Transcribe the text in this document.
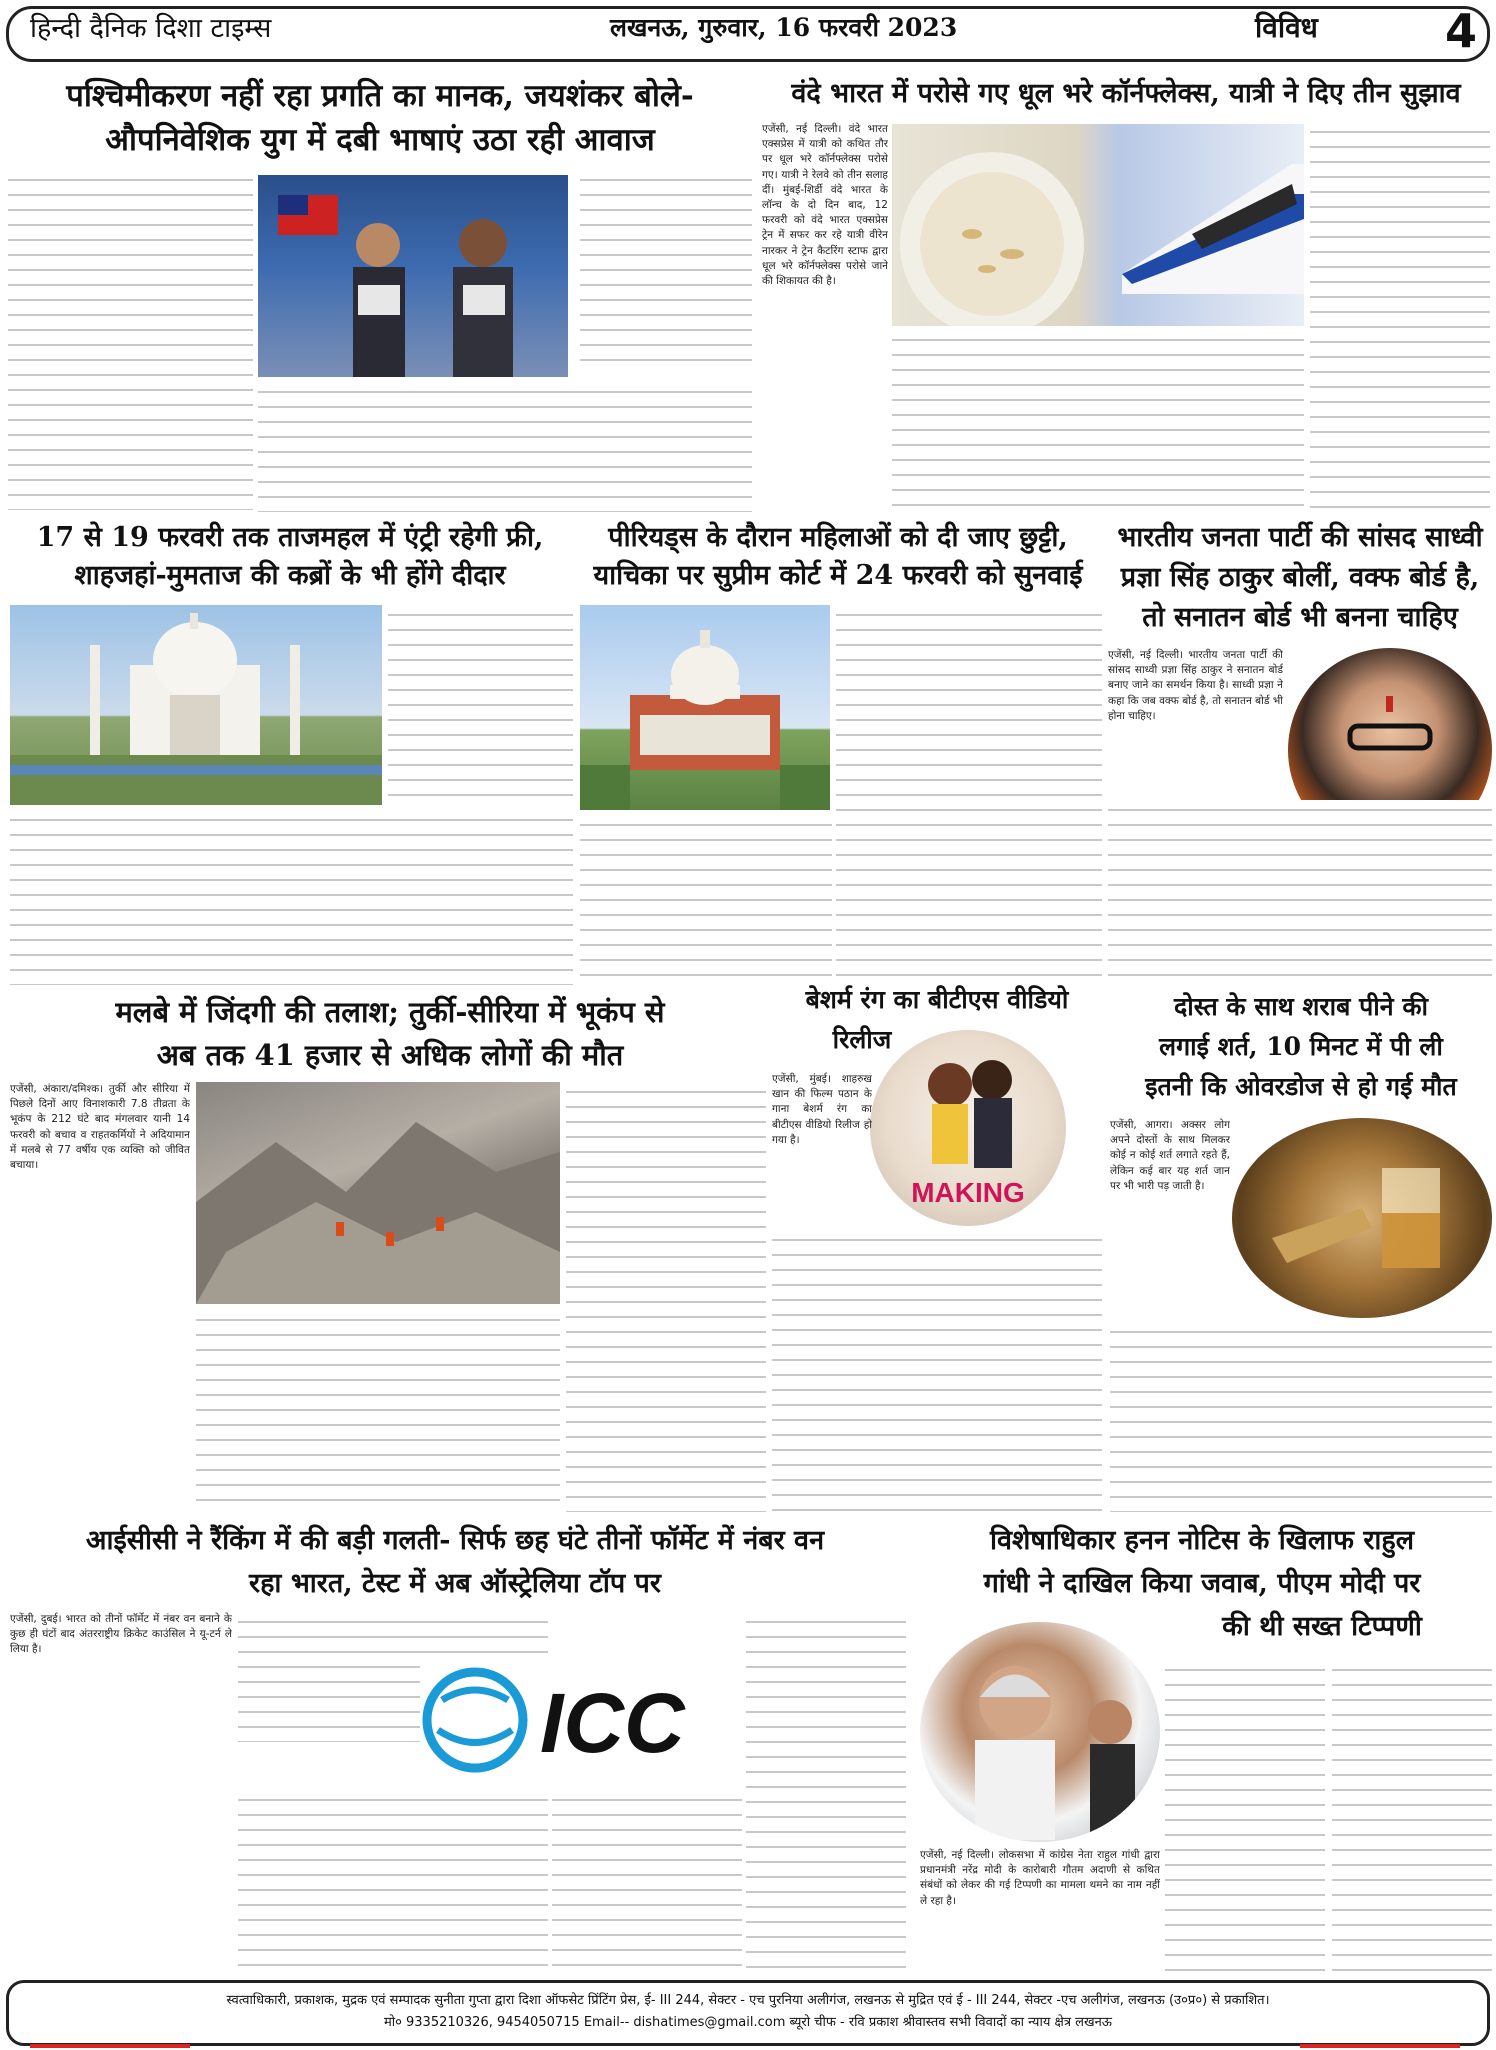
हिन्दी दैनिक दिशा टाइम्स	लखनऊ, गुरुवार, 16 फरवरी 2023	विविध	4
पश्चिमीकरण नहीं रहा प्रगति का मानक, जयशंकर बोले-
औपनिवेशिक युग में दबी भाषाएं उठा रही आवाज
वंदे भारत में परोसे गए धूल भरे कॉर्नफ्लेक्स, यात्री ने दिए तीन सुझाव
एजेंसी, नई दिल्ली। वंदे भारत एक्सप्रेस में यात्री को कथित तौर पर धूल भरे कॉर्नफ्लेक्स परोसे गए। यात्री ने रेलवे को तीन सलाह दीं। मुंबई-शिर्डी वंदे भारत के लॉन्च के दो दिन बाद, 12 फरवरी को वंदे भारत एक्सप्रेस ट्रेन में सफर कर रहे यात्री वीरेन नारकर ने ट्रेन कैटरिंग स्टाफ द्वारा धूल भरे कॉर्नफ्लेक्स परोसे जाने की शिकायत की है।
17 से 19 फरवरी तक ताजमहल में एंट्री रहेगी फ्री,
शाहजहां-मुमताज की कब्रों के भी होंगे दीदार
पीरियड्स के दौरान महिलाओं को दी जाए छुट्टी,
याचिका पर सुप्रीम कोर्ट में 24 फरवरी को सुनवाई
भारतीय जनता पार्टी की सांसद साध्वी
प्रज्ञा सिंह ठाकुर बोलीं, वक्फ बोर्ड है,
तो सनातन बोर्ड भी बनना चाहिए
एजेंसी, नई दिल्ली। भारतीय जनता पार्टी की सांसद साध्वी प्रज्ञा सिंह ठाकुर ने सनातन बोर्ड बनाए जाने का समर्थन किया है। साध्वी प्रज्ञा ने कहा कि जब वक्फ बोर्ड है, तो सनातन बोर्ड भी होना चाहिए।
मलबे में जिंदगी की तलाश; तुर्की-सीरिया में भूकंप से
अब तक 41 हजार से अधिक लोगों की मौत
एजेंसी, अंकारा/दमिश्क। तुर्की और सीरिया में पिछले दिनों आए विनाशकारी 7.8 तीव्रता के भूकंप के 212 घंटे बाद मंगलवार यानी 14 फरवरी को बचाव व राहतकर्मियों ने अदियामान में मलबे से 77 वर्षीय एक व्यक्ति को जीवित बचाया।
बेशर्म रंग का बीटीएस वीडियो
रिलीज
MAKING
एजेंसी, मुंबई। शाहरुख खान की फिल्म पठान के गाना बेशर्म रंग का बीटीएस वीडियो रिलीज हो गया है।
दोस्त के साथ शराब पीने की
लगाई शर्त, 10 मिनट में पी ली
इतनी कि ओवरडोज से हो गई मौत
एजेंसी, आगरा। अक्सर लोग अपने दोस्तों के साथ मिलकर कोई न कोई शर्त लगाते रहते हैं, लेकिन कई बार यह शर्त जान पर भी भारी पड़ जाती है।
आईसीसी ने रैंकिंग में की बड़ी गलती- सिर्फ छह घंटे तीनों फॉर्मेट में नंबर वन
रहा भारत, टेस्ट में अब ऑस्ट्रेलिया टॉप पर
एजेंसी, दुबई। भारत को तीनों फॉर्मेट में नंबर वन बनाने के कुछ ही घंटों बाद अंतरराष्ट्रीय क्रिकेट काउंसिल ने यू-टर्न ले लिया है।
ICC
विशेषाधिकार हनन नोटिस के खिलाफ राहुल
गांधी ने दाखिल किया जवाब, पीएम मोदी पर
की थी सख्त टिप्पणी
एजेंसी, नई दिल्ली। लोकसभा में कांग्रेस नेता राहुल गांधी द्वारा प्रधानमंत्री नरेंद्र मोदी के कारोबारी गौतम अदाणी से कथित संबंधों को लेकर की गई टिप्पणी का मामला थमने का नाम नहीं ले रहा है।
स्वत्वाधिकारी, प्रकाशक, मुद्रक एवं सम्पादक सुनीता गुप्ता द्वारा दिशा ऑफसेट प्रिंटिंग प्रेस, ई- III 244, सेक्टर - एच पुरनिया अलीगंज, लखनऊ से मुद्रित एवं ई - III 244, सेक्टर -एच अलीगंज, लखनऊ (उ०प्र०) से प्रकाशित।
मो० 9335210326, 9454050715 Email-- dishatimes@gmail.com ब्यूरो चीफ - रवि प्रकाश श्रीवास्तव सभी विवादों का न्याय क्षेत्र लखनऊ
